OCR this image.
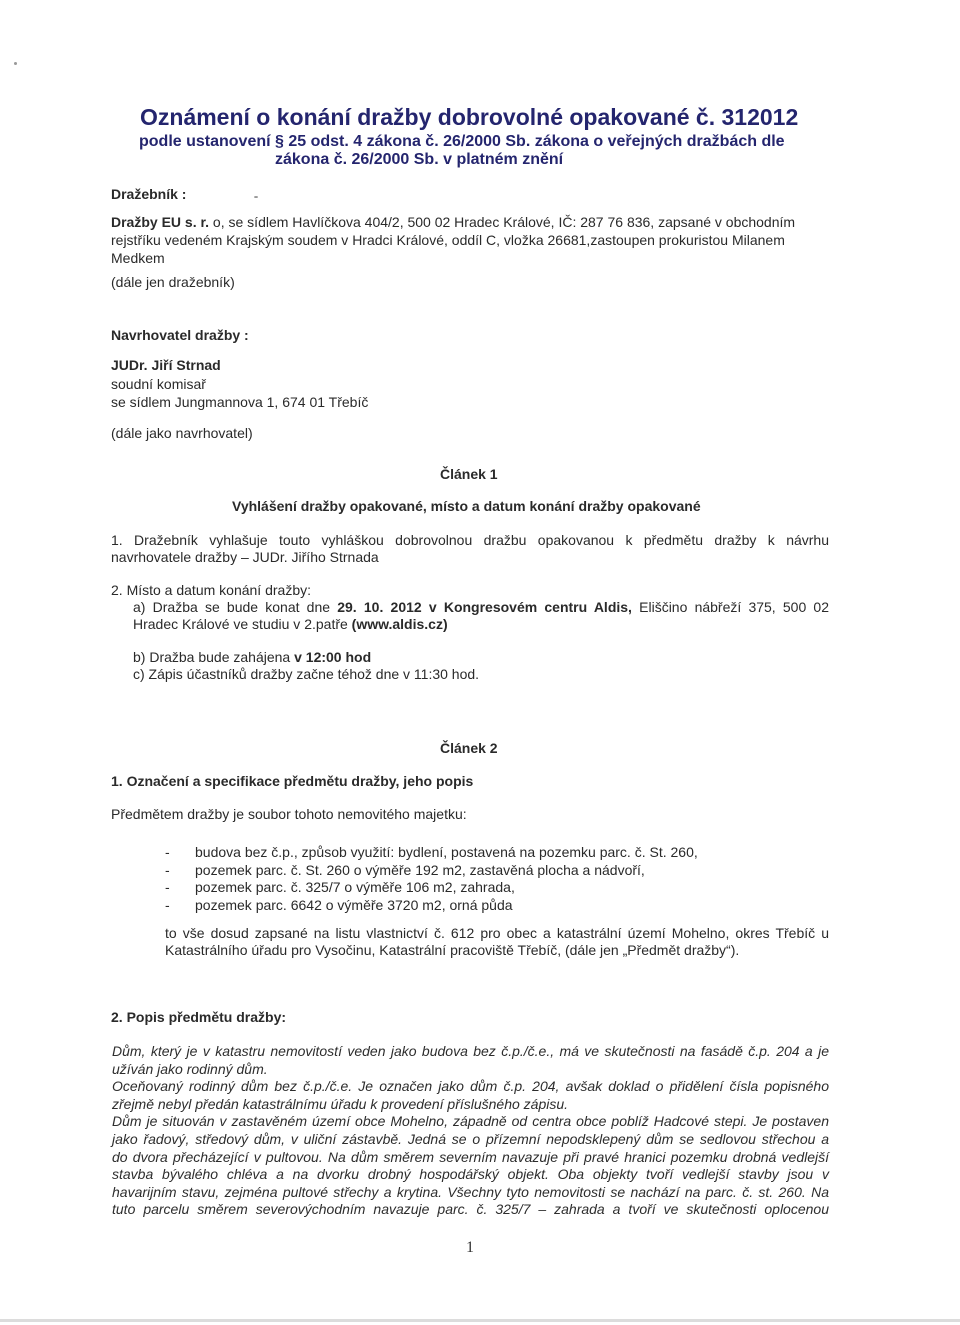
Oznámení o konání dražby dobrovolné opakované č. 312012
podle ustanovení § 25 odst. 4 zákona č. 26/2000 Sb. zákona o veřejných dražbách dle
zákona č. 26/2000 Sb. v platném znění
Dražebník :
Dražby EU s. r. o, se sídlem Havlíčkova 404/2, 500 02 Hradec Králové, IČ: 287 76 836, zapsané v obchodním
rejstříku vedeném Krajským soudem v Hradci Králové, oddíl C, vložka 26681,zastoupen prokuristou Milanem
Medkem
(dále jen dražebník)
Navrhovatel dražby :
JUDr. Jiří Strnad
soudní komisař
se sídlem Jungmannova 1, 674 01 Třebíč
(dále jako navrhovatel)
Článek 1
Vyhlášení dražby opakované, místo a datum konání dražby opakované
1. Dražebník vyhlašuje touto vyhláškou dobrovolnou dražbu opakovanou k předmětu dražby k návrhu
navrhovatele dražby – JUDr. Jiřího Strnada
2. Místo a datum konání dražby:
a) Dražba se bude konat dne 29. 10. 2012 v Kongresovém centru Aldis, Eliščino nábřeží 375, 500 02
Hradec Králové ve studiu v 2.patře (www.aldis.cz)
b) Dražba bude zahájena v 12:00 hod
c) Zápis účastníků dražby začne téhož dne v 11:30 hod.
Článek 2
1. Označení a specifikace předmětu dražby, jeho popis
Předmětem dražby je soubor tohoto nemovitého majetku:
-	budova bez č.p., způsob využití: bydlení, postavená na pozemku parc. č. St. 260,
-	pozemek parc. č. St. 260 o výměře 192 m2, zastavěná plocha a nádvoří,
-	pozemek parc. č. 325/7 o výměře 106 m2, zahrada,
-	pozemek parc. 6642 o výměře 3720 m2, orná půda
to vše dosud zapsané na listu vlastnictví č. 612 pro obec a katastrální území Mohelno, okres Třebíč u
Katastrálního úřadu pro Vysočinu, Katastrální pracoviště Třebíč, (dále jen „Předmět dražby“).
2. Popis předmětu dražby:
Dům, který je v katastru nemovitostí veden jako budova bez č.p./č.e., má ve skutečnosti na fasádě č.p. 204 a je
užíván jako rodinný dům.
Oceňovaný rodinný dům bez č.p./č.e. Je označen jako dům č.p. 204, avšak doklad o přidělení čísla popisného
zřejmě nebyl předán katastrálnímu úřadu k provedení příslušného zápisu.
Dům je situován v zastavěném území obce Mohelno, západně od centra obce poblíž Hadcové stepi. Je postaven
jako řadový, středový dům, v uliční zástavbě. Jedná se o přízemní nepodsklepený dům se sedlovou střechou a
do dvora přecházející v pultovou. Na dům směrem severním navazuje při pravé hranici pozemku drobná vedlejší
stavba bývalého chléva a na dvorku drobný hospodářský objekt. Oba objekty tvoří vedlejší stavby jsou v
havarijním stavu, zejména pultové střechy a krytina. Všechny tyto nemovitosti se nachází na parc. č. st. 260. Na
tuto parcelu směrem severovýchodním navazuje parc. č. 325/7 – zahrada a tvoří ve skutečnosti oplocenou
1
